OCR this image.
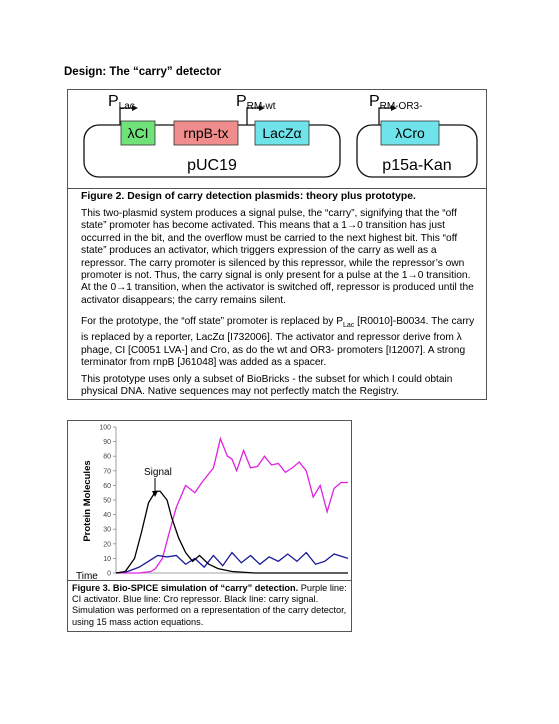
Design: The “carry” detector
PLac	PRM-wt	PRM-OR3-
λCI rnpB-tx LacZα	λCro
pUC19	p15a-Kan
Figure 2. Design of carry detection plasmids: theory plus prototype.
This two-plasmid system produces a signal pulse, the “carry”, signifying that the “off state” promoter has become activated. This means that a 1→0 transition has just occurred in the bit, and the overflow must be carried to the next highest bit. This “off state” produces an activator, which triggers expression of the carry as well as a repressor. The carry promoter is silenced by this repressor, while the repressor’s own promoter is not. Thus, the carry signal is only present for a pulse at the 1→0 transition. At the 0→1 transition, when the activator is switched off, repressor is produced until the activator disappears; the carry remains silent.
For the prototype, the “off state” promoter is replaced by $P_{Lac}$ [R0010]-B0034. The carry is replaced by a reporter, LacZα [I732006]. The activator and repressor derive from λ phage, CI [C0051 LVA-] and Cro, as do the wt and OR3- promoters [I12007]. A strong terminator from rnpB [J61048] was added as a spacer.
This prototype uses only a subset of BioBricks - the subset for which I could obtain physical DNA. Native sequences may not perfectly match the Registry.
0
10
20
30
40
50
60
70
80
90
100
Protein Molecules
Time
Signal
Figure 3. Bio-SPICE simulation of “carry” detection. Purple line: CI activator. Blue line: Cro repressor. Black line: carry signal. Simulation was performed on a representation of the carry detector, using 15 mass action equations.
